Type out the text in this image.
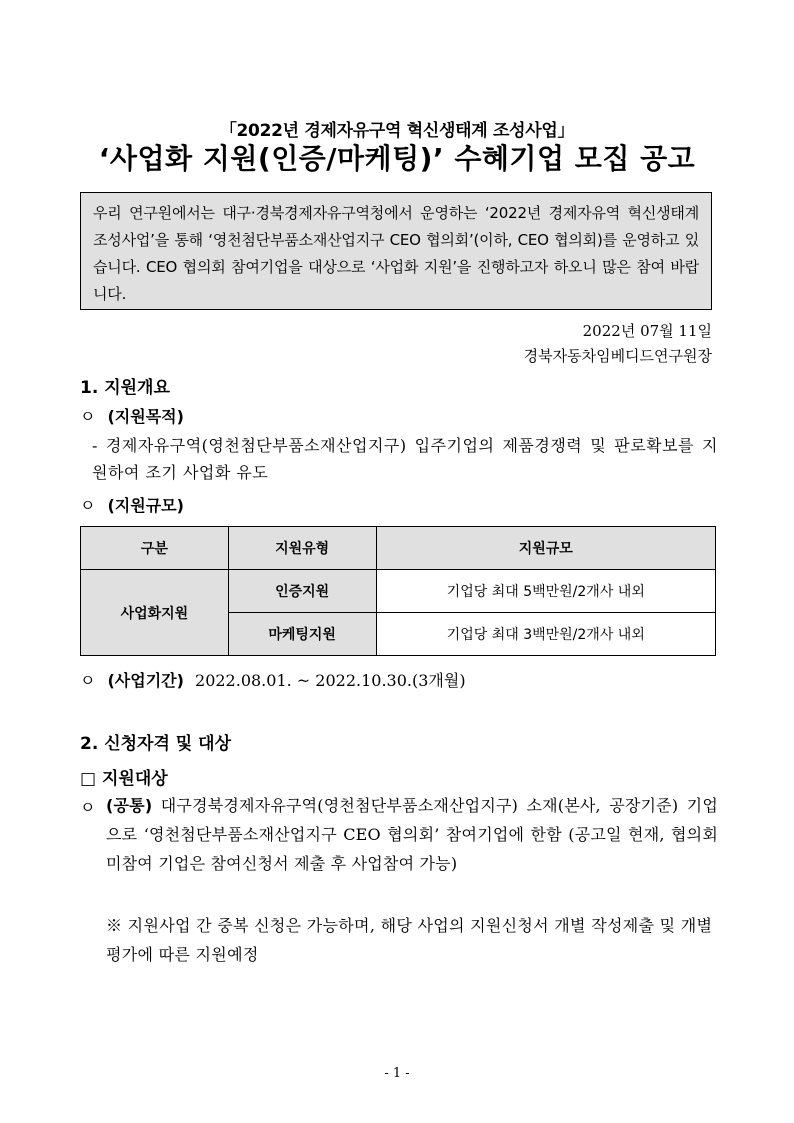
「2022년 경제자유구역 혁신생태계 조성사업」
‘사업화 지원(인증/마케팅)’ 수혜기업 모집 공고
우리 연구원에서는 대구·경북경제자유구역청에서 운영하는 ‘2022년 경제자유역 혁신생태계 조성사업’을 통해 ‘영천첨단부품소재산업지구 CEO 협의회’(이하, CEO 협의회)를 운영하고 있습니다. CEO 협의회 참여기업을 대상으로 ‘사업화 지원’을 진행하고자 하오니 많은 참여 바랍니다.
2022년 07월 11일
경북자동차임베디드연구원장
1. 지원개요
ㅇ (지원목적)
- 경제자유구역(영천첨단부품소재산업지구) 입주기업의 제품경쟁력 및 판로확보를 지원하여 조기 사업화 유도
ㅇ (지원규모)
구분	지원유형	지원규모
사업화지원	인증지원	기업당 최대 5백만원/2개사 내외
	마케팅지원	기업당 최대 3백만원/2개사 내외
ㅇ (사업기간) 2022.08.01. ~ 2022.10.30.(3개월)
2. 신청자격 및 대상
□ 지원대상
ㅇ (공통) 대구경북경제자유구역(영천첨단부품소재산업지구) 소재(본사, 공장기준) 기업으로 ‘영천첨단부품소재산업지구 CEO 협의회’ 참여기업에 한함 (공고일 현재, 협의회 미참여 기업은 참여신청서 제출 후 사업참여 가능)
※ 지원사업 간 중복 신청은 가능하며, 해당 사업의 지원신청서 개별 작성제출 및 개별 평가에 따른 지원예정
- 1 -
